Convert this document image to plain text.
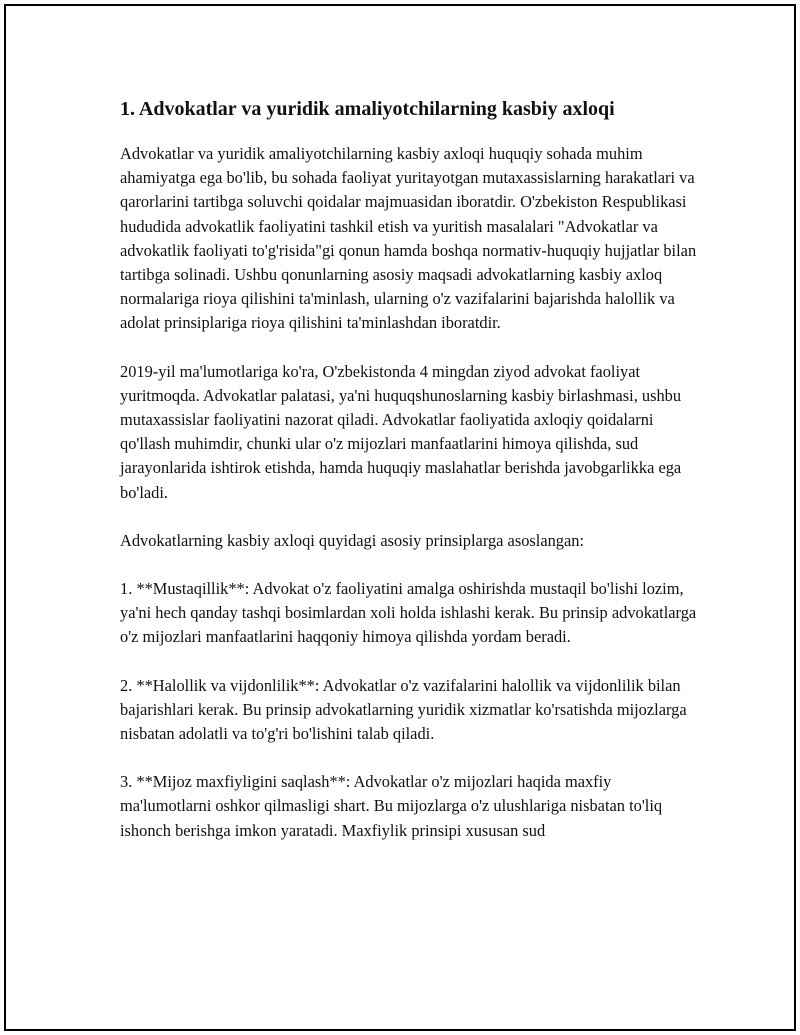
1. Advokatlar va yuridik amaliyotchilarning kasbiy axloqi

Advokatlar va yuridik amaliyotchilarning kasbiy axloqi huquqiy sohada muhim ahamiyatga ega bo'lib, bu sohada faoliyat yuritayotgan mutaxassislarning harakatlari va qarorlarini tartibga soluvchi qoidalar majmuasidan iboratdir. O'zbekiston Respublikasi hududida advokatlik faoliyatini tashkil etish va yuritish masalalari "Advokatlar va advokatlik faoliyati to'g'risida"gi qonun hamda boshqa normativ-huquqiy hujjatlar bilan tartibga solinadi. Ushbu qonunlarning asosiy maqsadi advokatlarning kasbiy axloq normalariga rioya qilishini ta'minlash, ularning o'z vazifalarini bajarishda halollik va adolat prinsiplariga rioya qilishini ta'minlashdan iboratdir.

2019-yil ma'lumotlariga ko'ra, O'zbekistonda 4 mingdan ziyod advokat faoliyat yuritmoqda. Advokatlar palatasi, ya'ni huquqshunoslarning kasbiy birlashmasi, ushbu mutaxassislar faoliyatini nazorat qiladi. Advokatlar faoliyatida axloqiy qoidalarni qo'llash muhimdir, chunki ular o'z mijozlari manfaatlarini himoya qilishda, sud jarayonlarida ishtirok etishda, hamda huquqiy maslahatlar berishda javobgarlikka ega bo'ladi.

Advokatlarning kasbiy axloqi quyidagi asosiy prinsiplarga asoslangan:

1. **Mustaqillik**: Advokat o'z faoliyatini amalga oshirishda mustaqil bo'lishi lozim, ya'ni hech qanday tashqi bosimlardan xoli holda ishlashi kerak. Bu prinsip advokatlarga o'z mijozlari manfaatlarini haqqoniy himoya qilishda yordam beradi.

2. **Halollik va vijdonlilik**: Advokatlar o'z vazifalarini halollik va vijdonlilik bilan bajarishlari kerak. Bu prinsip advokatlarning yuridik xizmatlar ko'rsatishda mijozlarga nisbatan adolatli va to'g'ri bo'lishini talab qiladi.

3. **Mijoz maxfiyligini saqlash**: Advokatlar o'z mijozlari haqida maxfiy ma'lumotlarni oshkor qilmasligi shart. Bu mijozlarga o'z ulushlariga nisbatan to'liq ishonch berishga imkon yaratadi. Maxfiylik prinsipi xususan sud
